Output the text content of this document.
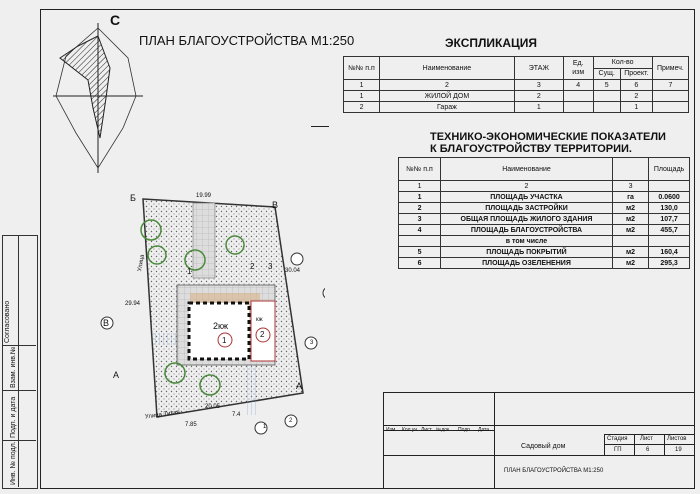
Согласовано
Взам. инв.№
Подп. и дата
Инв. № подл.
С
ПЛАН БЛАГОУСТРОЙСТВА М1:250	ЭКСПЛИКАЦИЯ
№№ п.п	Наименование	ЭТАЖ	Ед. изм	Кол-во		Примеч.
				Сущ.	Проект.	
1	2	3	4	5	6	7
1	ЖИЛОЙ ДОМ	2			2	
2	Гараж	1			1	
ТЕХНИКО-ЭКОНОМИЧЕСКИЕ ПОКАЗАТЕЛИ
К БЛАГОУСТРОЙСТВУ ТЕРРИТОРИИ.
№№ п.п	Наименование		Площадь
1	2	3	
1	ПЛОЩАДЬ УЧАСТКА	га	0.0600
2	ПЛОЩАДЬ ЗАСТРОЙКИ	м2	130,0
3	ОБЩАЯ ПЛОЩАДЬ ЖИЛОГО ЗДАНИЯ	м2	107,7
4	ПЛОЩАДЬ БЛАГОУСТРОЙСТВА	м2	455,7
	в том числе		
5	ПЛОЩАДЬ ПОКРЫТИЙ	м2	160,4
6	ПЛОЩАДЬ ОЗЕЛЕНЕНИЯ	м2	295,3
Б
В
В
А
А
19.99
29.94
30.04
20.05
7.85
7.4
Улица
Улица Тихая
2кж
1
2
кж
1
2 3
1
2
3
Изм Кол.уч Лист №док Подп. Дата
Садовый дом
ПЛАН БЛАГОУСТРОЙСТВА М1:250
Стадия Лист Листов
ГП	6	19
